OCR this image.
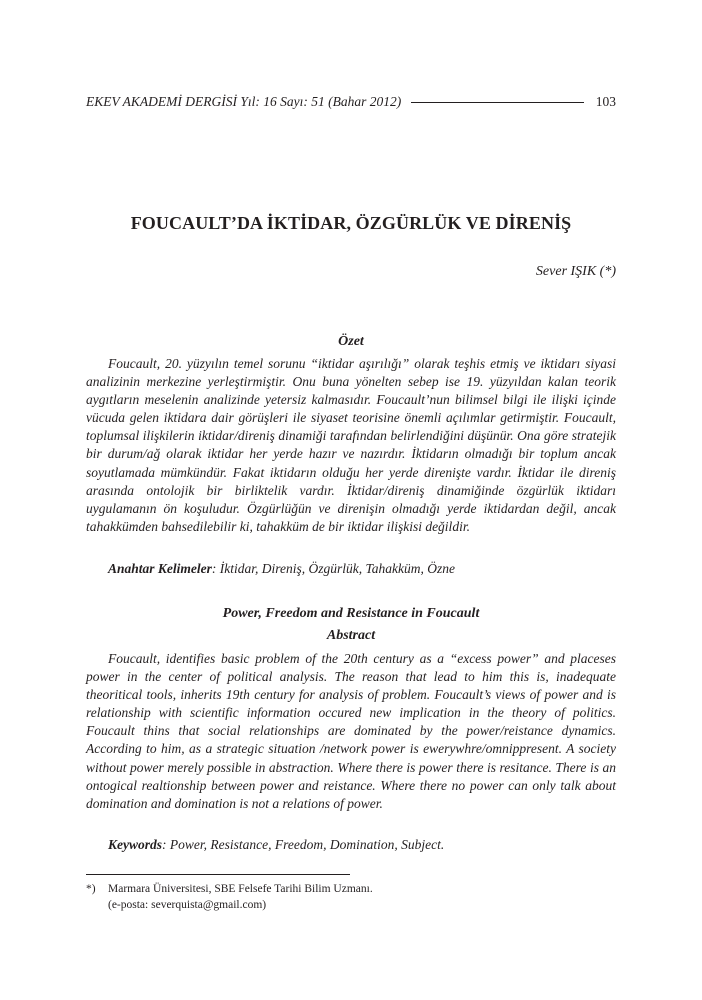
EKEV AKADEMİ DERGİSİ Yıl: 16 Sayı: 51 (Bahar 2012)	103
FOUCAULT’DA İKTİDAR, ÖZGÜRLÜK VE DİRENİŞ
Sever IŞIK (*)
Özet

Foucault, 20. yüzyılın temel sorunu “iktidar aşırılığı” olarak teşhis etmiş ve iktidarı siyasi analizinin merkezine yerleştirmiştir. Onu buna yönelten sebep ise 19. yüzyıldan kalan teorik aygıtların meselenin analizinde yetersiz kalmasıdır. Foucault’nun bilimsel bilgi ile ilişki içinde vücuda gelen iktidara dair görüşleri ile siyaset teorisine önemli açılımlar getirmiştir. Foucault, toplumsal ilişkilerin iktidar/direniş dinamiği tarafından belirlendiğini düşünür. Ona göre stratejik bir durum/ağ olarak iktidar her yerde hazır ve nazırdır. İktidarın olmadığı bir toplum ancak soyutlamada mümkündür. Fakat iktidarın olduğu her yerde direnişte vardır. İktidar ile direniş arasında ontolojik bir birliktelik vardır. İktidar/direniş dinamiğinde özgürlük iktidarı uygulamanın ön koşuludur. Özgürlüğün ve direnişin olmadığı yerde iktidardan değil, ancak tahakkümden bahsedilebilir ki, tahakküm de bir iktidar ilişkisi değildir.

Anahtar Kelimeler: İktidar, Direniş, Özgürlük, Tahakküm, Özne
Power, Freedom and Resistance in Foucault
Abstract

Foucault, identifies basic problem of the 20th century as a “excess power” and placeses power in the center of political analysis. The reason that lead to him this is, inadequate theoritical tools, inherits 19th century for analysis of problem. Foucault’s views of power and is relationship with scientific information occured new implication in the theory of politics. Foucault thins that social relationships are dominated by the power/reistance dynamics. According to him, as a strategic situation /network power is ewerywhre/omnippresent. A society without power merely possible in abstraction. Where there is power there is resitance. There is an ontogical realtionship between power and reistance. Where there no power can only talk about domination and domination is not a relations of power.

Keywords: Power, Resistance, Freedom, Domination, Subject.
*) Marmara Üniversitesi, SBE Felsefe Tarihi Bilim Uzmanı.
(e-posta: severquista@gmail.com)
